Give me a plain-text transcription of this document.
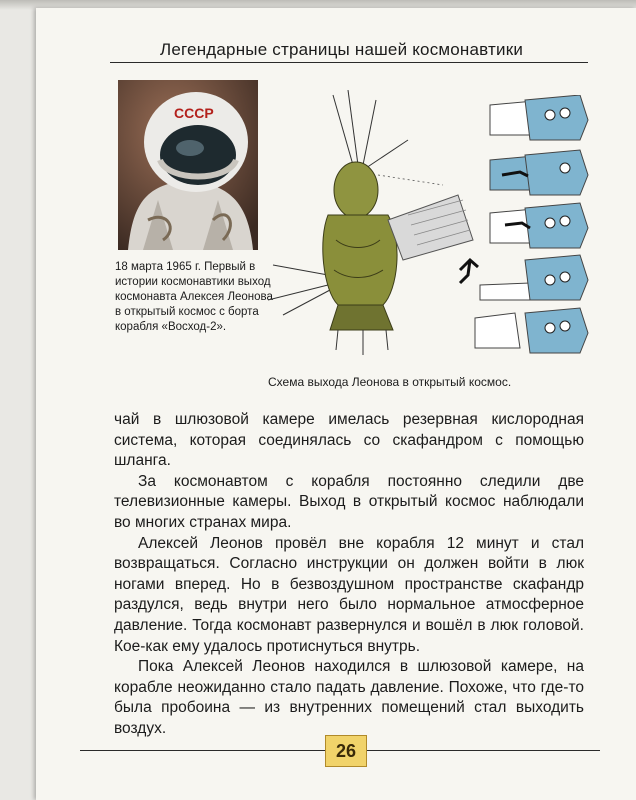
Легендарные страницы нашей космонавтики
СССР
18 марта 1965 г. Первый в истории космонавтики выход космонавта Алексея Леонова в открытый космос с борта корабля «Восход-2».
Схема выхода Леонова в открытый космос.

чай в шлюзовой камере имелась резервная кислородная система, которая соединялась со скафандром с помощью шланга.

За космонавтом с корабля постоянно следили две телевизионные камеры. Выход в открытый космос наблюдали во многих странах мира.

Алексей Леонов провёл вне корабля 12 минут и стал возвращаться. Согласно инструкции он должен войти в люк ногами вперед. Но в безвоздушном пространстве скафандр раздулся, ведь внутри него было нормальное атмосферное давление. Тогда космонавт развернулся и вошёл в люк головой. Кое-как ему удалось протиснуться внутрь.

Пока Алексей Леонов находился в шлюзовой камере, на корабле неожиданно стало падать давление. Похоже, что где-то была пробоина — из внутренних помещений стал выходить воздух.

26
